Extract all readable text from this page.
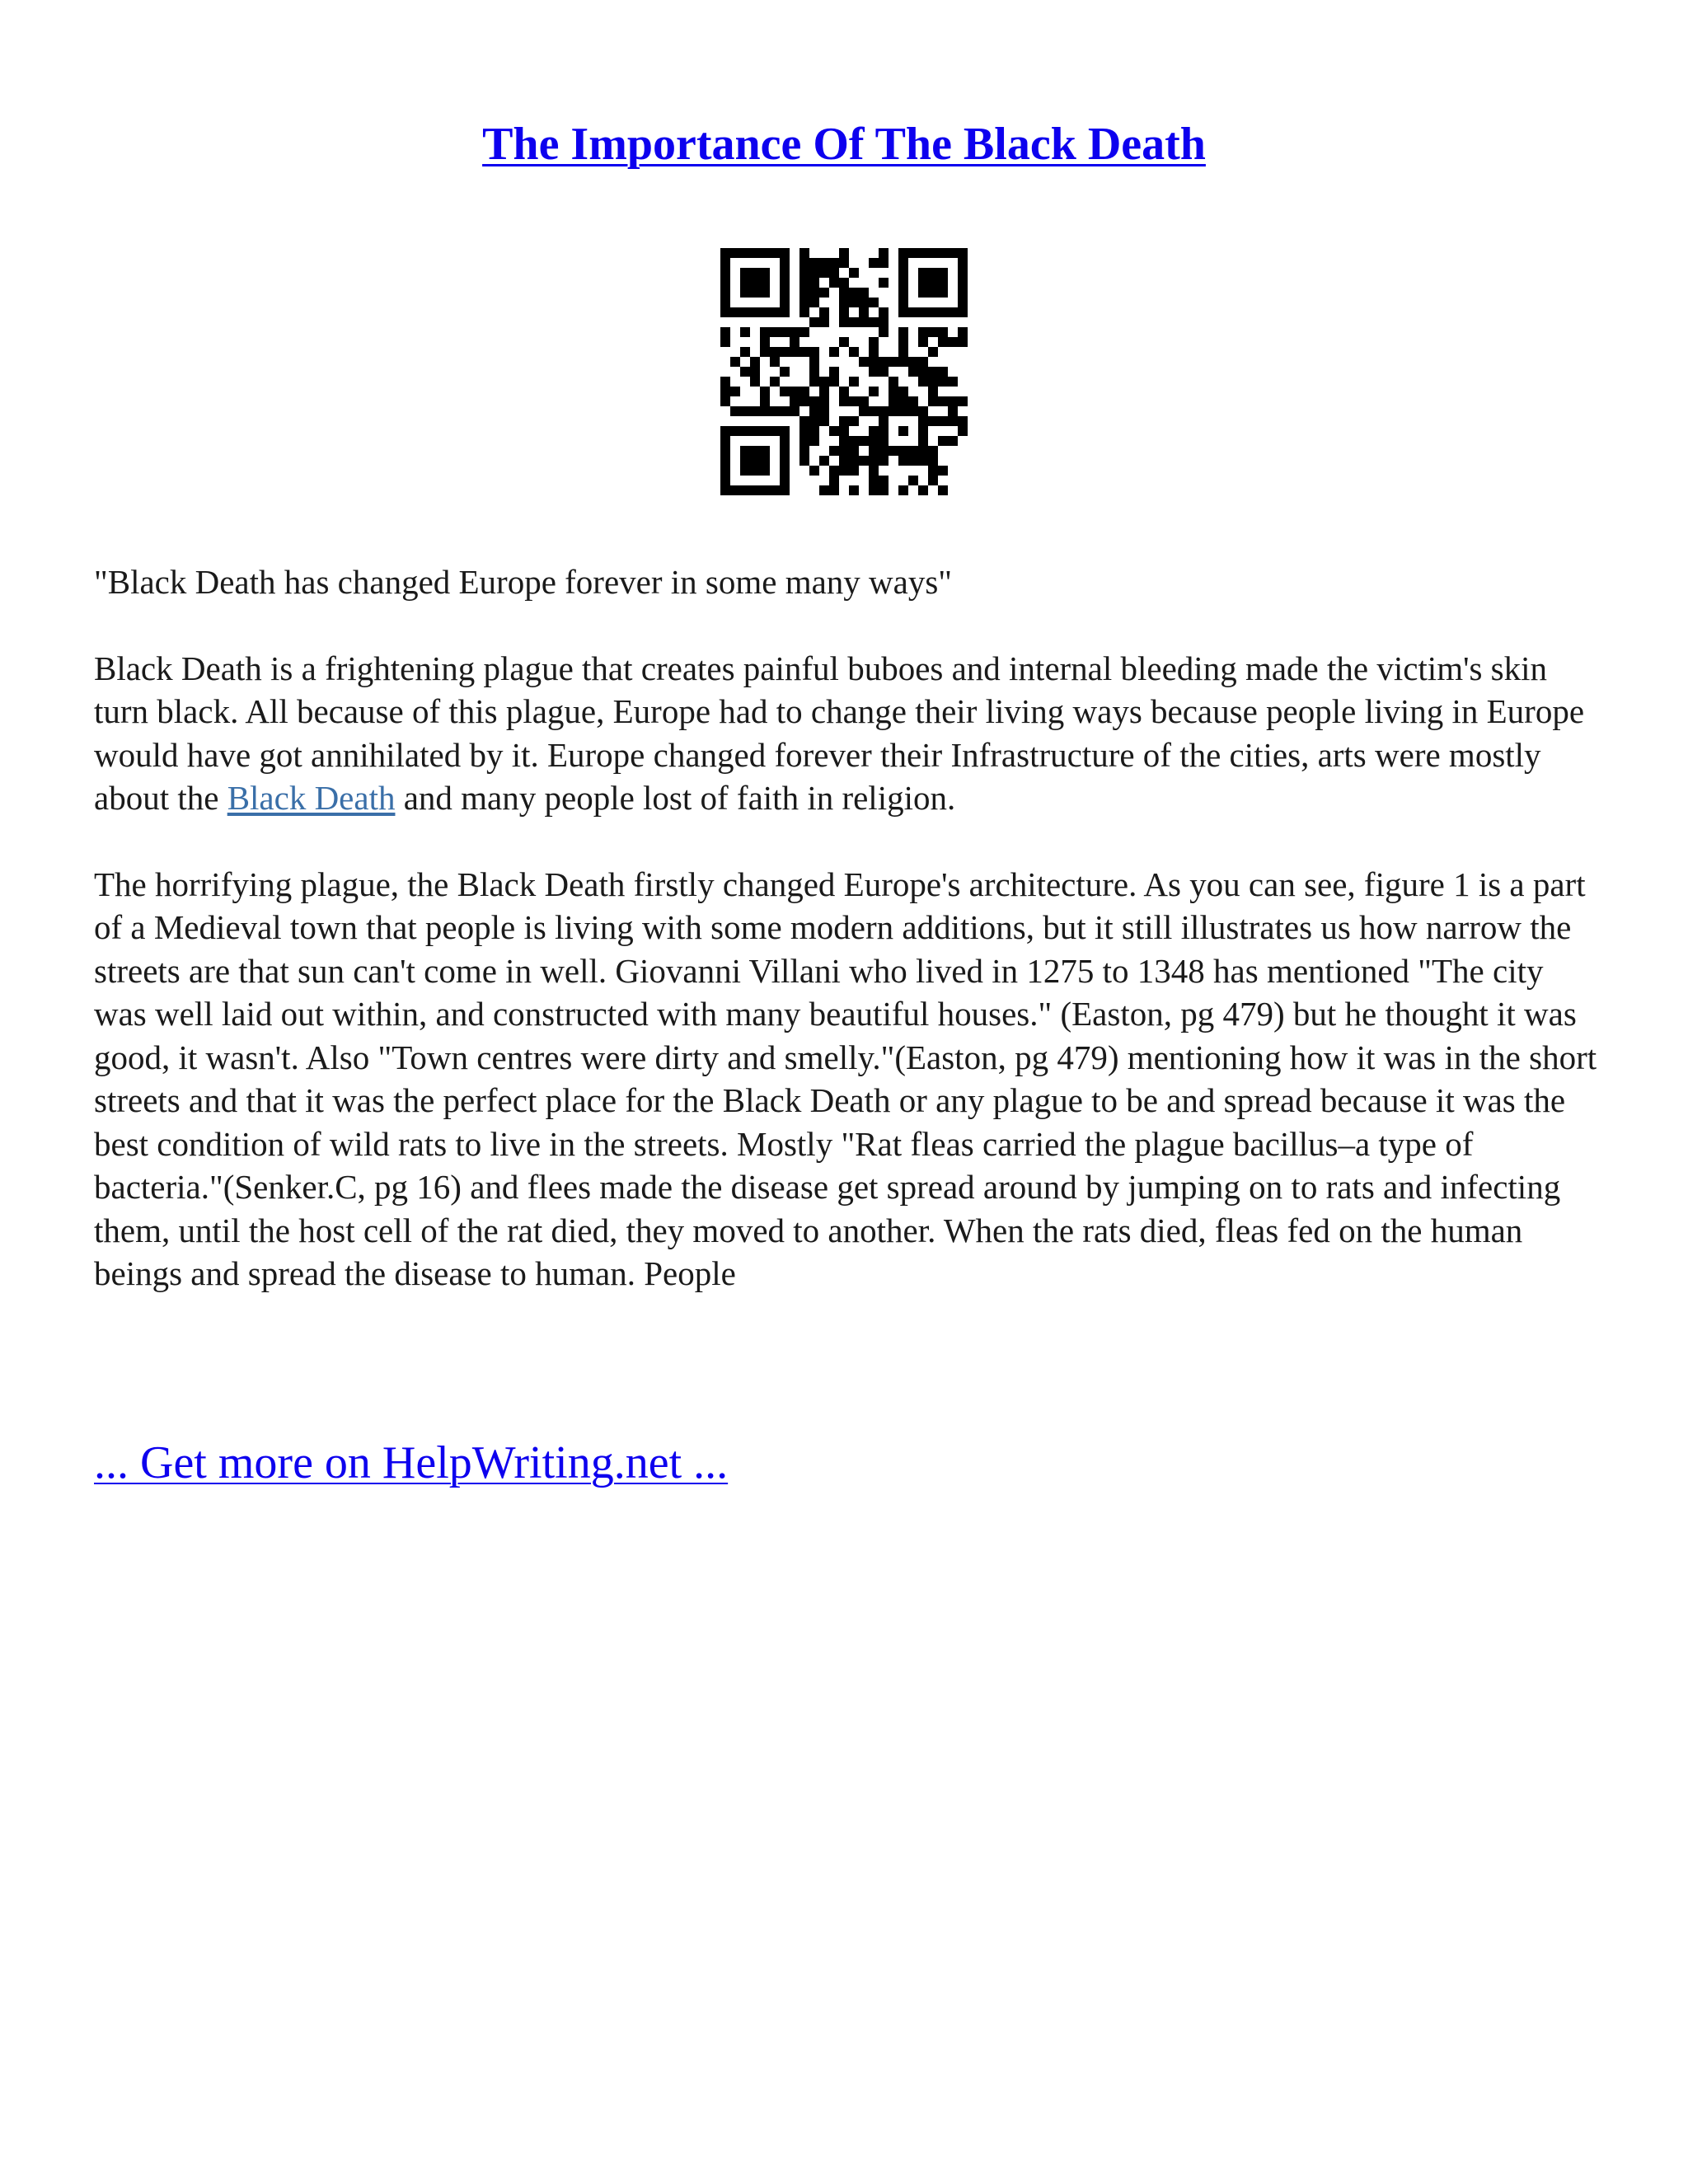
The Importance Of The Black Death

"Black Death has changed Europe forever in some many ways"

Black Death is a frightening plague that creates painful buboes and internal bleeding made the victim's skin turn black. All because of this plague, Europe had to change their living ways because people living in Europe would have got annihilated by it. Europe changed forever their Infrastructure of the cities, arts were mostly about the Black Death and many people lost of faith in religion.

The horrifying plague, the Black Death firstly changed Europe's architecture. As you can see, figure 1 is a part of a Medieval town that people is living with some modern additions, but it still illustrates us how narrow the streets are that sun can't come in well. Giovanni Villani who lived in 1275 to 1348 has mentioned "The city was well laid out within, and constructed with many beautiful houses." (Easton, pg 479) but he thought it was good, it wasn't. Also "Town centres were dirty and smelly."(Easton, pg 479) mentioning how it was in the short streets and that it was the perfect place for the Black Death or any plague to be and spread because it was the best condition of wild rats to live in the streets. Mostly "Rat fleas carried the plague bacillus–a type of bacteria."(Senker.C, pg 16) and flees made the disease get spread around by jumping on to rats and infecting them, until the host cell of the rat died, they moved to another. When the rats died, fleas fed on the human beings and spread the disease to human. People

... Get more on HelpWriting.net ...
